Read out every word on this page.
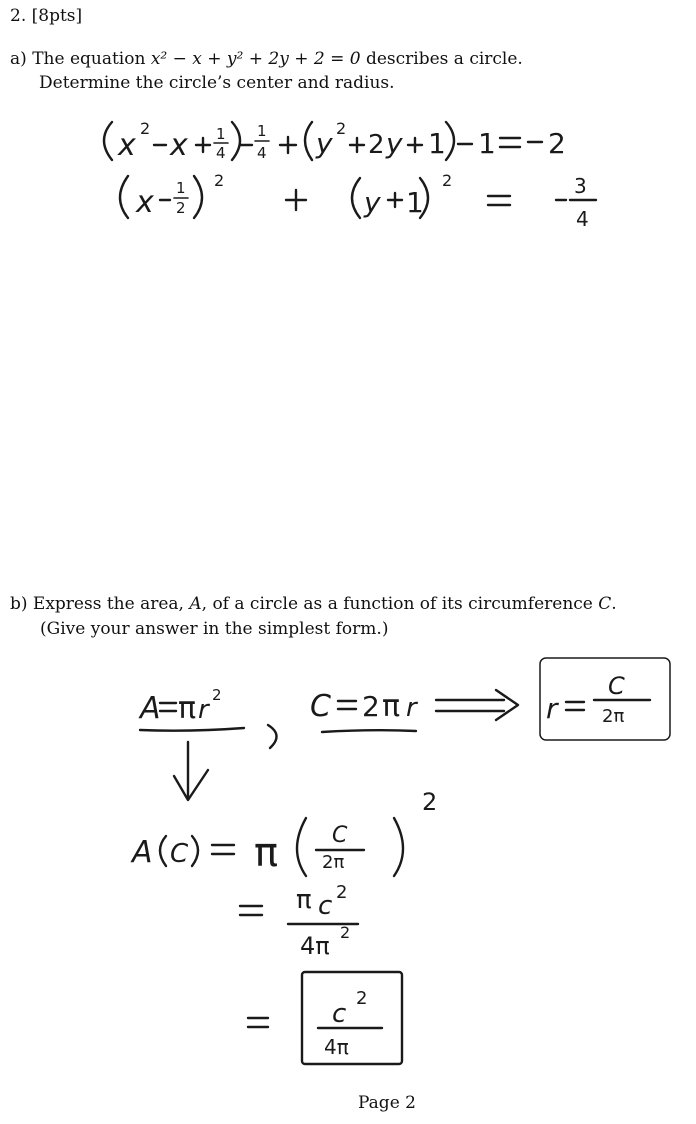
2. [8pts]
a) The equation x² − x + y² + 2y + 2 = 0 describes a circle.
Determine the circle’s center and radius.
b) Express the area, A, of a circle as a function of its circumference C.
(Give your answer in the simplest form.)
Page 2
x 2 x 1
4
1
4 y 2
2 y 1 1 2
x 1
2
2
y 1
2	3
4
A π r 2	C 2 π r	r
C
2π
A C π C
2π
2
π c 2
4π 2
c
2
4π
